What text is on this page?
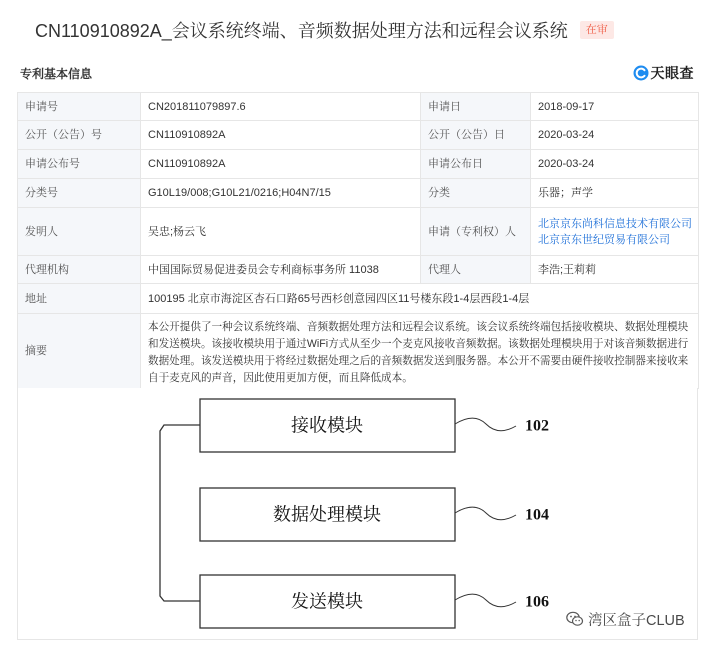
CN110910892A_会议系统终端、音频数据处理方法和远程会议系统	在审
专利基本信息	天眼查
申请号	CN201811079897.6	申请日	2018-09-17
公开（公告）号	CN110910892A	公开（公告）日	2020-03-24
申请公布号	CN110910892A	申请公布日	2020-03-24
分类号	G10L19/008;G10L21/0216;H04N7/15	分类	乐器；声学
发明人	吴忠;杨云飞	申请（专利权）人	北京京东尚科信息技术有限公司
北京京东世纪贸易有限公司

代理机构	中国国际贸易促进委员会专利商标事务所 11038	代理人	李浩;王莉莉
地址	100195 北京市海淀区杏石口路65号西杉创意园四区11号楼东段1-4层西段1-4层		
摘要	本公开提供了一种会议系统终端、音频数据处理方法和远程会议系统。该会议系统终端包括接收模块、数据处理模块和发送模块。该接收模块用于通过WiFi方式从至少一个麦克风接收音频数据。该数据处理模块用于对该音频数据进行数据处理。该发送模块用于将经过数据处理之后的音频数据发送到服务器。本公开不需要由硬件接收控制器来接收来自于麦克风的声音，因此使用更加方便，而且降低成本。		
接收模块	102
数据处理模块	104
发送模块	106
湾区盒子CLUB
